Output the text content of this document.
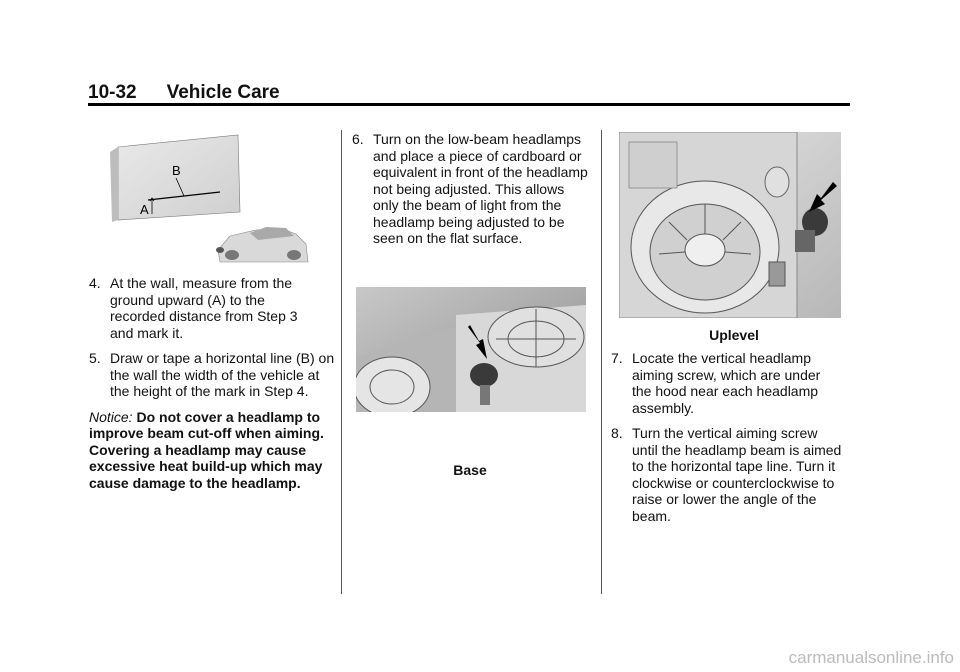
10-32 Vehicle Care
B
A
4. At the wall, measure from the ground upward (A) to the recorded distance from Step 3 and mark it.
5. Draw or tape a horizontal line (B) on the wall the width of the vehicle at the height of the mark in Step 4.
Notice: Do not cover a headlamp to improve beam cut-off when aiming. Covering a headlamp may cause excessive heat build-up which may cause damage to the headlamp.
6. Turn on the low-beam headlamps and place a piece of cardboard or equivalent in front of the headlamp not being adjusted. This allows only the beam of light from the headlamp being adjusted to be seen on the flat surface.
Base
Uplevel
7. Locate the vertical headlamp aiming screw, which are under the hood near each headlamp assembly.
8. Turn the vertical aiming screw until the headlamp beam is aimed to the horizontal tape line. Turn it clockwise or counterclockwise to raise or lower the angle of the beam.
carmanualsonline.info
